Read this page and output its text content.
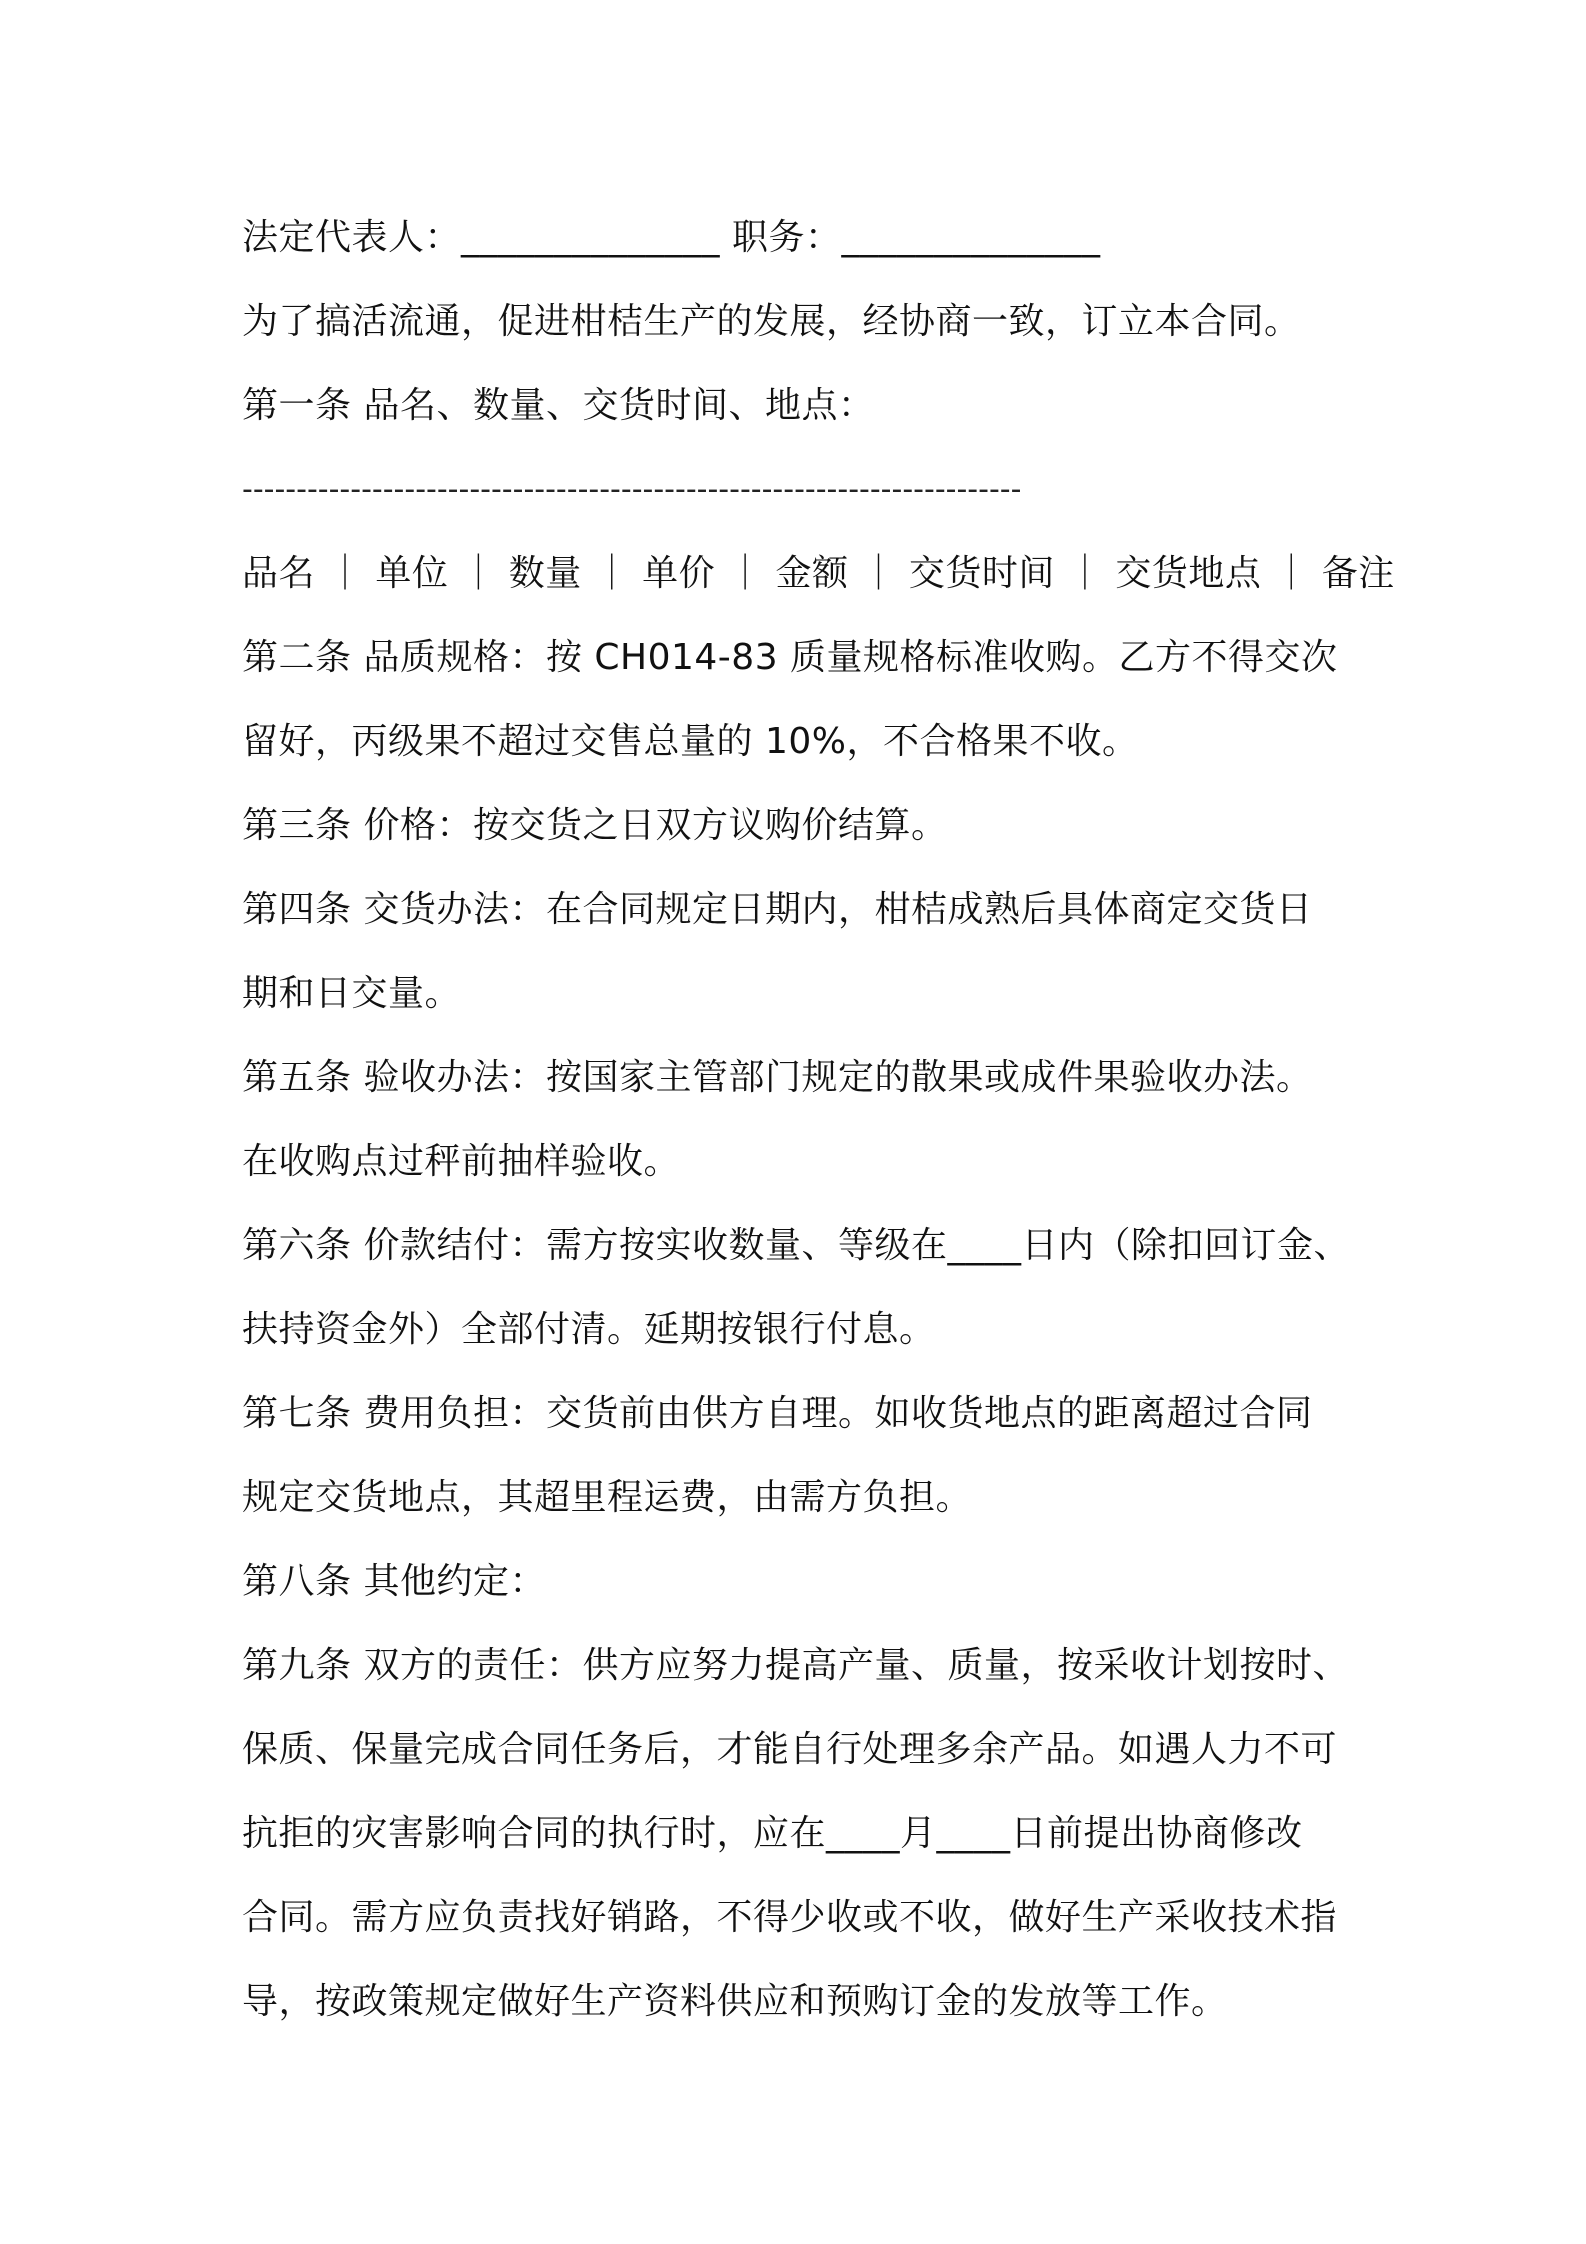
法定代表人：______________ 职务：______________
为了搞活流通，促进柑桔生产的发展，经协商一致，订立本合同。
第一条 品名、数量、交货时间、地点：
------------------------------------------------------------------------
品名 ｜ 单位 ｜ 数量 ｜ 单价 ｜ 金额 ｜ 交货时间 ｜ 交货地点 ｜ 备注
第二条 品质规格：按 CH014-83 质量规格标准收购。乙方不得交次
留好，丙级果不超过交售总量的 10%，不合格果不收。
第三条 价格：按交货之日双方议购价结算。
第四条 交货办法：在合同规定日期内，柑桔成熟后具体商定交货日
期和日交量。
第五条 验收办法：按国家主管部门规定的散果或成件果验收办法。
在收购点过秤前抽样验收。
第六条 价款结付：需方按实收数量、等级在____日内（除扣回订金、
扶持资金外）全部付清。延期按银行付息。
第七条 费用负担：交货前由供方自理。如收货地点的距离超过合同
规定交货地点，其超里程运费，由需方负担。
第八条 其他约定：
第九条 双方的责任：供方应努力提高产量、质量，按采收计划按时、
保质、保量完成合同任务后，才能自行处理多余产品。如遇人力不可
抗拒的灾害影响合同的执行时，应在____月____日前提出协商修改
合同。需方应负责找好销路，不得少收或不收，做好生产采收技术指
导，按政策规定做好生产资料供应和预购订金的发放等工作。
